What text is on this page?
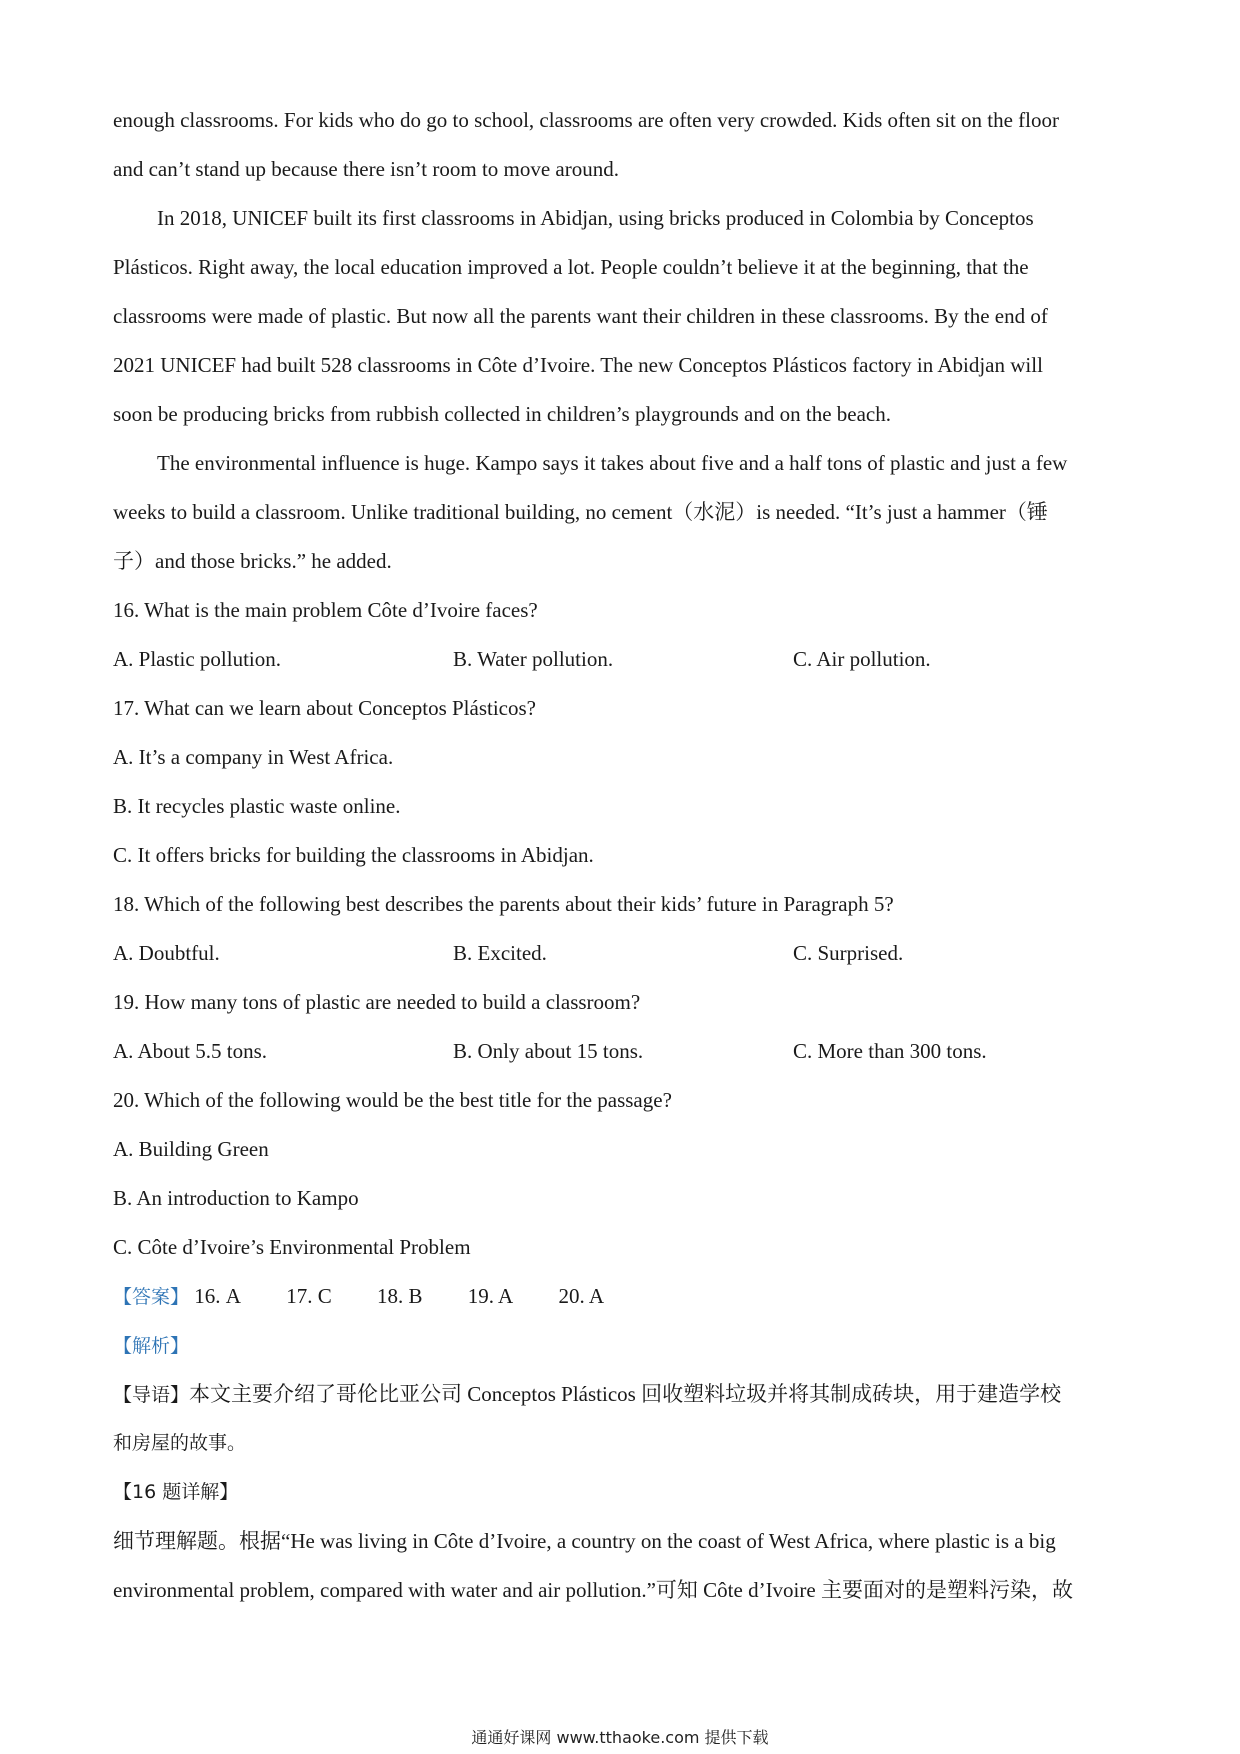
enough classrooms. For kids who do go to school, classrooms are often very crowded. Kids often sit on the floor
and can’t stand up because there isn’t room to move around.
In 2018, UNICEF built its first classrooms in Abidjan, using bricks produced in Colombia by Conceptos
Plásticos. Right away, the local education improved a lot. People couldn’t believe it at the beginning, that the
classrooms were made of plastic. But now all the parents want their children in these classrooms. By the end of
2021 UNICEF had built 528 classrooms in Côte d’Ivoire. The new Conceptos Plásticos factory in Abidjan will
soon be producing bricks from rubbish collected in children’s playgrounds and on the beach.
The environmental influence is huge. Kampo says it takes about five and a half tons of plastic and just a few
weeks to build a classroom. Unlike traditional building, no cement（水泥）is needed. “It’s just a hammer（锤
子）and those bricks.” he added.
16. What is the main problem Côte d’Ivoire faces?
A. Plastic pollution.	B. Water pollution.	C. Air pollution.
17. What can we learn about Conceptos Plásticos?
A. It’s a company in West Africa.
B. It recycles plastic waste online.
C. It offers bricks for building the classrooms in Abidjan.
18. Which of the following best describes the parents about their kids’ future in Paragraph 5?
A. Doubtful.	B. Excited.	C. Surprised.
19. How many tons of plastic are needed to build a classroom?
A. About 5.5 tons.	B. Only about 15 tons.	C. More than 300 tons.
20. Which of the following would be the best title for the passage?
A. Building Green
B. An introduction to Kampo
C. Côte d’Ivoire’s Environmental Problem
【答案】 16. A 17. C 18. B 19. A 20. A
【解析】
【导语】本文主要介绍了哥伦比亚公司 Conceptos Plásticos 回收塑料垃圾并将其制成砖块，用于建造学校
和房屋的故事。
【16 题详解】
细节理解题。根据“He was living in Côte d’Ivoire, a country on the coast of West Africa, where plastic is a big
environmental problem, compared with water and air pollution.”可知 Côte d’Ivoire 主要面对的是塑料污染，故
通通好课网 www.tthaoke.com 提供下载
